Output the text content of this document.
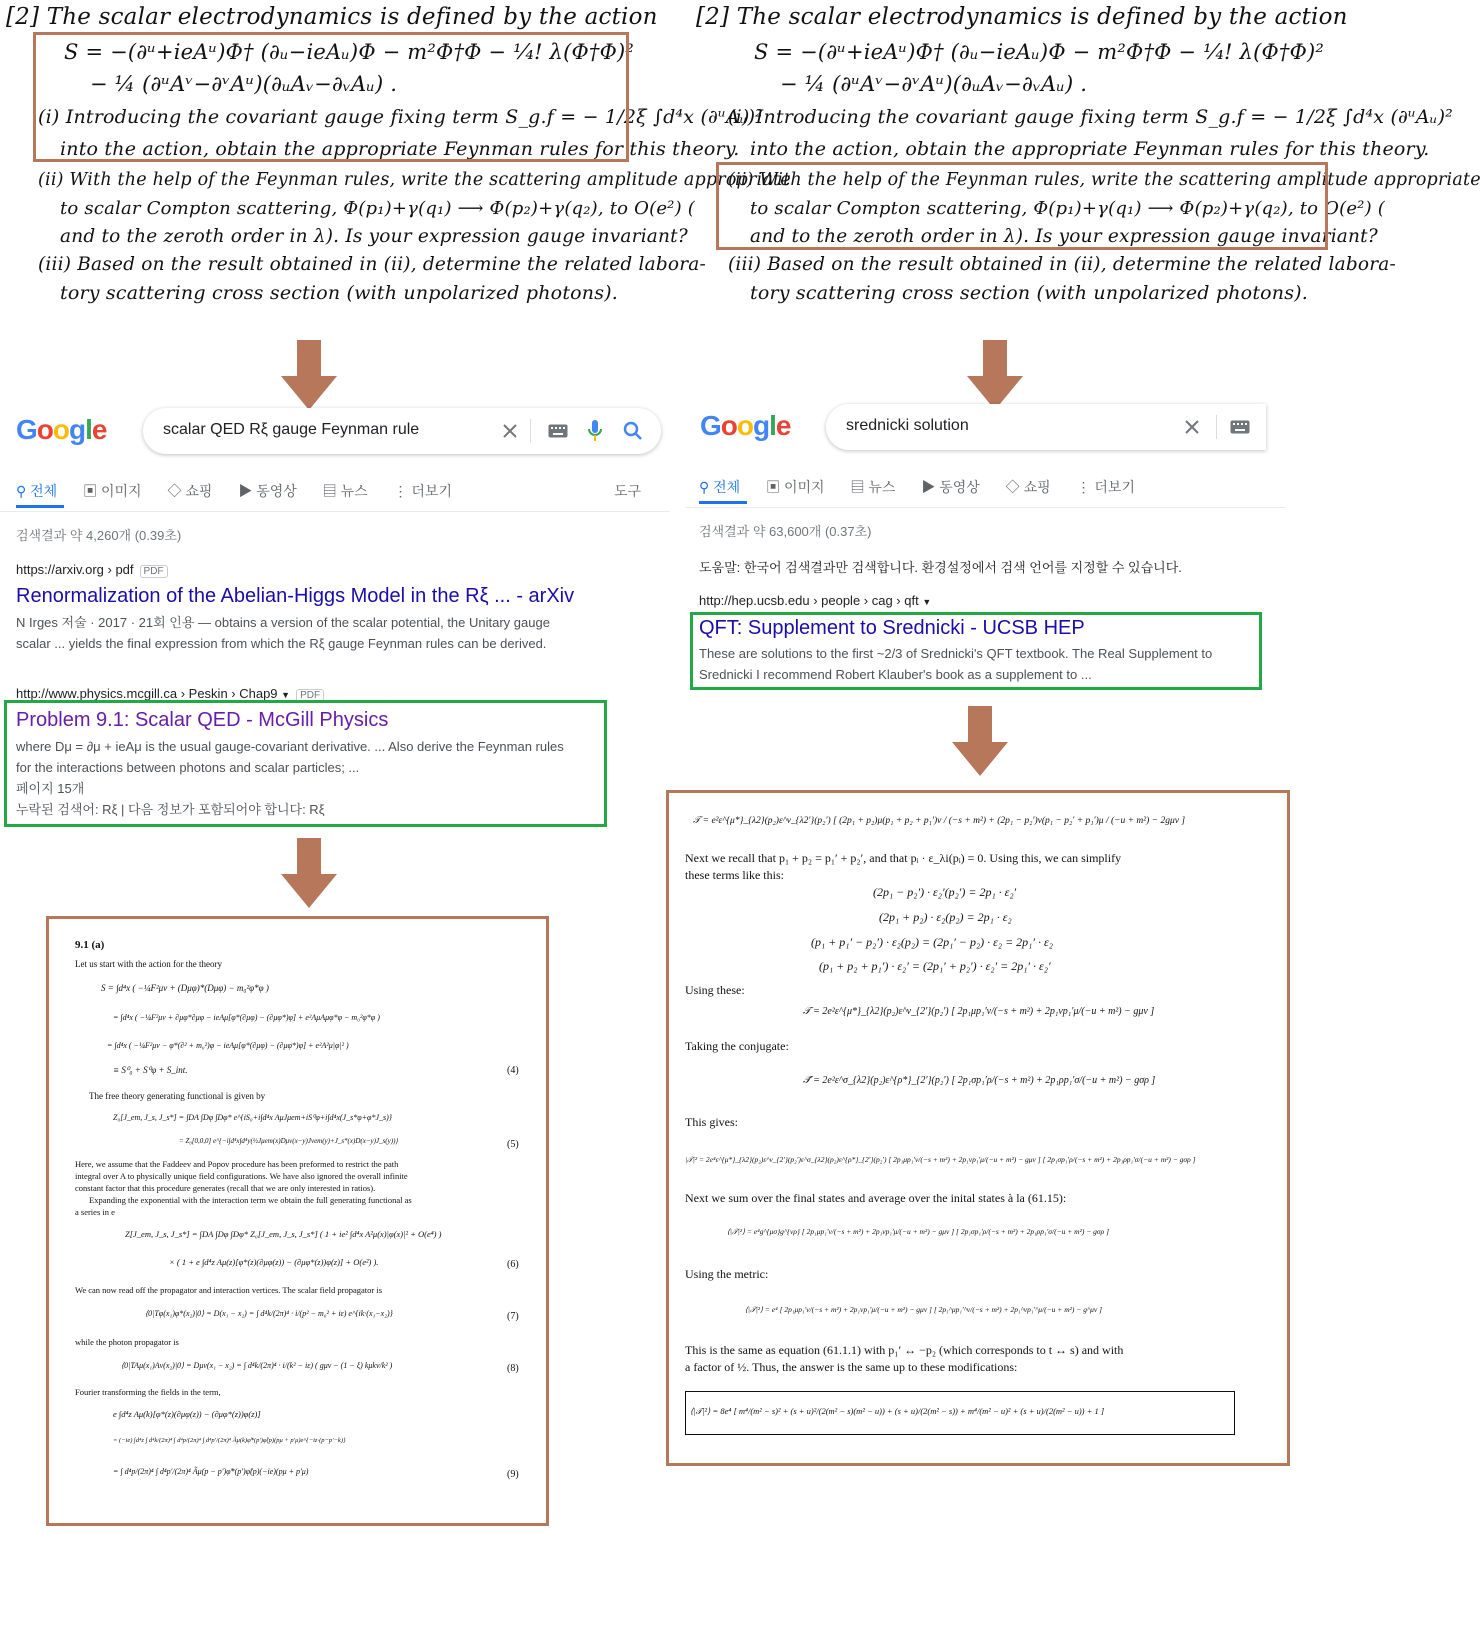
[2] The scalar electrodynamics is defined by the action
S = −(∂ᵘ+ieAᵘ)Φ† (∂ᵤ−ieAᵤ)Φ − m²Φ†Φ − ¹⁄₄! λ(Φ†Φ)²
− ¼ (∂ᵘAᵛ−∂ᵛAᵘ)(∂ᵤAᵥ−∂ᵥAᵤ) .
(i) Introducing the covariant gauge fixing term S_g.f = − 1/2ξ ∫d⁴x (∂ᵘAᵤ)²
into the action, obtain the appropriate Feynman rules for this theory.
(ii) With the help of the Feynman rules, write the scattering amplitude appropriate
to scalar Compton scattering, Φ(p₁)+γ(q₁) ⟶ Φ(p₂)+γ(q₂), to O(e²) (
and to the zeroth order in λ). Is your expression gauge invariant?
(iii) Based on the result obtained in (ii), determine the related labora-
tory scattering cross section (with unpolarized photons).
[2] The scalar electrodynamics is defined by the action
S = −(∂ᵘ+ieAᵘ)Φ† (∂ᵤ−ieAᵤ)Φ − m²Φ†Φ − ¹⁄₄! λ(Φ†Φ)²
− ¼ (∂ᵘAᵛ−∂ᵛAᵘ)(∂ᵤAᵥ−∂ᵥAᵤ) .
(i) Introducing the covariant gauge fixing term S_g.f = − 1/2ξ ∫d⁴x (∂ᵘAᵤ)²
into the action, obtain the appropriate Feynman rules for this theory.
(ii) With the help of the Feynman rules, write the scattering amplitude appropriate
to scalar Compton scattering, Φ(p₁)+γ(q₁) ⟶ Φ(p₂)+γ(q₂), to O(e²) (
and to the zeroth order in λ). Is your expression gauge invariant?
(iii) Based on the result obtained in (ii), determine the related labora-
tory scattering cross section (with unpolarized photons).
Google	scalar QED Rξ gauge Feynman rule
⚲ 전체 ▣ 이미지 ◇ 쇼핑 ▶ 동영상 ▤ 뉴스 ⋮ 더보기	도구
검색결과 약 4,260개 (0.39초)
https://arxiv.org › pdf PDF
Renormalization of the Abelian-Higgs Model in the Rξ ... - arXiv
N Irges 저술 · 2017 · 21회 인용 — obtains a version of the scalar potential, the Unitary gauge
scalar ... yields the final expression from which the Rξ gauge Feynman rules can be derived.
http://www.physics.mcgill.ca › Peskin › Chap9 ▼ PDF
Problem 9.1: Scalar QED - McGill Physics
where Dμ = ∂μ + ieAμ is the usual gauge-covariant derivative. ... Also derive the Feynman rules
for the interactions between photons and scalar particles; ...
페이지 15개
누락된 검색어: Rξ | 다음 정보가 포함되어야 합니다: Rξ
Google	srednicki solution
⚲ 전체 ▣ 이미지 ▤ 뉴스 ▶ 동영상 ◇ 쇼핑 ⋮ 더보기
검색결과 약 63,600개 (0.37초)
도움말: 한국어 검색결과만 검색합니다. 환경설정에서 검색 언어를 지정할 수 있습니다.
http://hep.ucsb.edu › people › cag › qft ▼
QFT: Supplement to Srednicki - UCSB HEP
These are solutions to the first ~2/3 of Srednicki's QFT textbook. The Real Supplement to
Srednicki I recommend Robert Klauber's book as a supplement to ...
9.1 (a)
Let us start with the action for the theory
S = ∫d⁴x ( −¼F²μν + (Dμφ)*(Dμφ) − m₀²φ*φ )
= ∫d⁴x ( −¼F²μν + ∂μφ*∂μφ − ieAμ[φ*(∂μφ) − (∂μφ*)φ] + e²AμAμφ*φ − m₀²φ*φ )
= ∫d⁴x ( −¼F²μν − φ*(∂² + m₀²)φ − ieAμ[φ*(∂μφ) − (∂μφ*)φ] + e²A²μ|φ|² )
≡ S⁰₀ + S⁰φ + S_int.	(4)
The free theory generating functional is given by
Z₀[J_em, J_s, J_s*] = ∫DA ∫Dφ ∫Dφ* e^{iS₀+i∫d⁴x AμJμem+iS⁰φ+i∫d⁴x(J_s*φ+φ*J_s)}
= Z₀[0,0,0] e^{−i∫d⁴x∫d⁴y(½Jμem(x)Dμν(x−y)Jνem(y)+J_s*(x)D(x−y)J_s(y))}	(5)
Here, we assume that the Faddeev and Popov procedure has been preformed to restrict the path
integral over A to physically unique field configurations. We have also ignored the overall infinite
constant factor that this procedure generates (recall that we are only interested in ratios).
Expanding the exponential with the interaction term we obtain the full generating functional as
a series in e
Z[J_em, J_s, J_s*] = ∫DA ∫Dφ ∫Dφ* Z₀[J_em, J_s, J_s*] ( 1 + ie² ∫d⁴x A²μ(x)|φ(x)|² + O(e⁴) )
× ( 1 + e ∫d⁴z Aμ(z)[φ*(z)(∂μφ(z)) − (∂μφ*(z))φ(z)] + O(e²) ).	(6)
We can now read off the propagator and interaction vertices. The scalar field propagator is
⟨0|Tφ(x₁)φ*(x₂)|0⟩ = D(x₁ − x₂) = ∫ d⁴k/(2π)⁴ · i/(p² − m₀² + iε) e^{ik·(x₁−x₂)}	(7)
while the photon propagator is
⟨0|TAμ(x₁)Aν(x₂)|0⟩ = Dμν(x₁ − x₂) = ∫ d⁴k/(2π)⁴ · i/(k² − iε) ( gμν − (1 − ξ) kμkν/k² )	(8)
Fourier transforming the fields in the term,
e ∫d⁴z Aμ(k)[φ*(z)(∂μφ(z)) − (∂μφ*(z))φ(z)]
= (−ie) ∫d⁴z ∫ d⁴k/(2π)⁴ ∫ d⁴p/(2π)⁴ ∫ d⁴p′/(2π)⁴ Ãμ(k)φ̃*(p′)φ̃(p)(pμ + p′μ)e^{−iz·(p−p′−k)}
= ∫ d⁴p/(2π)⁴ ∫ d⁴p′/(2π)⁴ Ãμ(p − p′)φ̃*(p′)φ̃(p)(−ie)(pμ + p′μ)	(9)
𝒯 = e²ε^{μ*}_{λ2}(p₂)ε^ν_{λ2′}(p₂′) [ (2p₁ + p₂)μ(p₁ + p₂ + p₁′)ν / (−s + m²) + (2p₁ − p₂′)ν(p₁ − p₂′ + p₁′)μ / (−u + m²) − 2gμν ]
Next we recall that p₁ + p₂ = p₁′ + p₂′, and that pᵢ · ε_λi(pᵢ) = 0. Using this, we can simplify
these terms like this:
(2p₁ − p₂′) · ε₂′(p₂′) = 2p₁ · ε₂′
(2p₁ + p₂) · ε₂(p₂) = 2p₁ · ε₂
(p₁ + p₁′ − p₂′) · ε₂(p₂) = (2p₁′ − p₂) · ε₂ = 2p₁′ · ε₂
(p₁ + p₂ + p₁′) · ε₂′ = (2p₁′ + p₂′) · ε₂′ = 2p₁′ · ε₂′
Using these:
𝒯 = 2e²ε^{μ*}_{λ2}(p₂)ε^ν_{2′}(p₂′) [ 2p₁μp₁′ν/(−s + m²) + 2p₁νp₁′μ/(−u + m²) − gμν ]
Taking the conjugate:
𝒯̄ = 2e²ε^σ_{λ2}(p₂)ε^{ρ*}_{2′}(p₂′) [ 2p₁σp₁′ρ/(−s + m²) + 2p₁ρp₁′σ/(−u + m²) − gσρ ]
This gives:
|𝒯|² = 2e⁴ε^{μ*}_{λ2}(p₂)ε^ν_{2′}(p₂′)ε^σ_{λ2}(p₂)ε^{ρ*}_{2′}(p₂′) [ 2p₁μp₁′ν/(−s + m²) + 2p₁νp₁′μ/(−u + m²) − gμν ] [ 2p₁σp₁′ρ/(−s + m²) + 2p₁ρp₁′σ/(−u + m²) − gσρ ]
Next we sum over the final states and average over the inital states à la (61.15):
⟨|𝒯|²⟩ = e⁴g^{μσ}g^{νρ} [ 2p₁μp₁′ν/(−s + m²) + 2p₁νp₁′μ/(−u + m²) − gμν ] [ 2p₁σp₁′ρ/(−s + m²) + 2p₁ρp₁′σ/(−u + m²) − gσρ ]
Using the metric:
⟨|𝒯|²⟩ = e⁴ [ 2p₁μp₁′ν/(−s + m²) + 2p₁νp₁′μ/(−u + m²) − gμν ] [ 2p₁^μp₁′^ν/(−s + m²) + 2p₁^νp₁′^μ/(−u + m²) − g^μν ]
This is the same as equation (61.1.1) with p₁′ ↔ −p₂ (which corresponds to t ↔ s) and with
a factor of ½. Thus, the answer is the same up to these modifications:
⟨|𝒯|²⟩ = 8e⁴ [ m⁴/(m² − s)² + (s + u)²/(2(m² − s)(m² − u)) + (s + u)/(2(m² − s)) + m⁴/(m² − u)² + (s + u)/(2(m² − u)) + 1 ]
